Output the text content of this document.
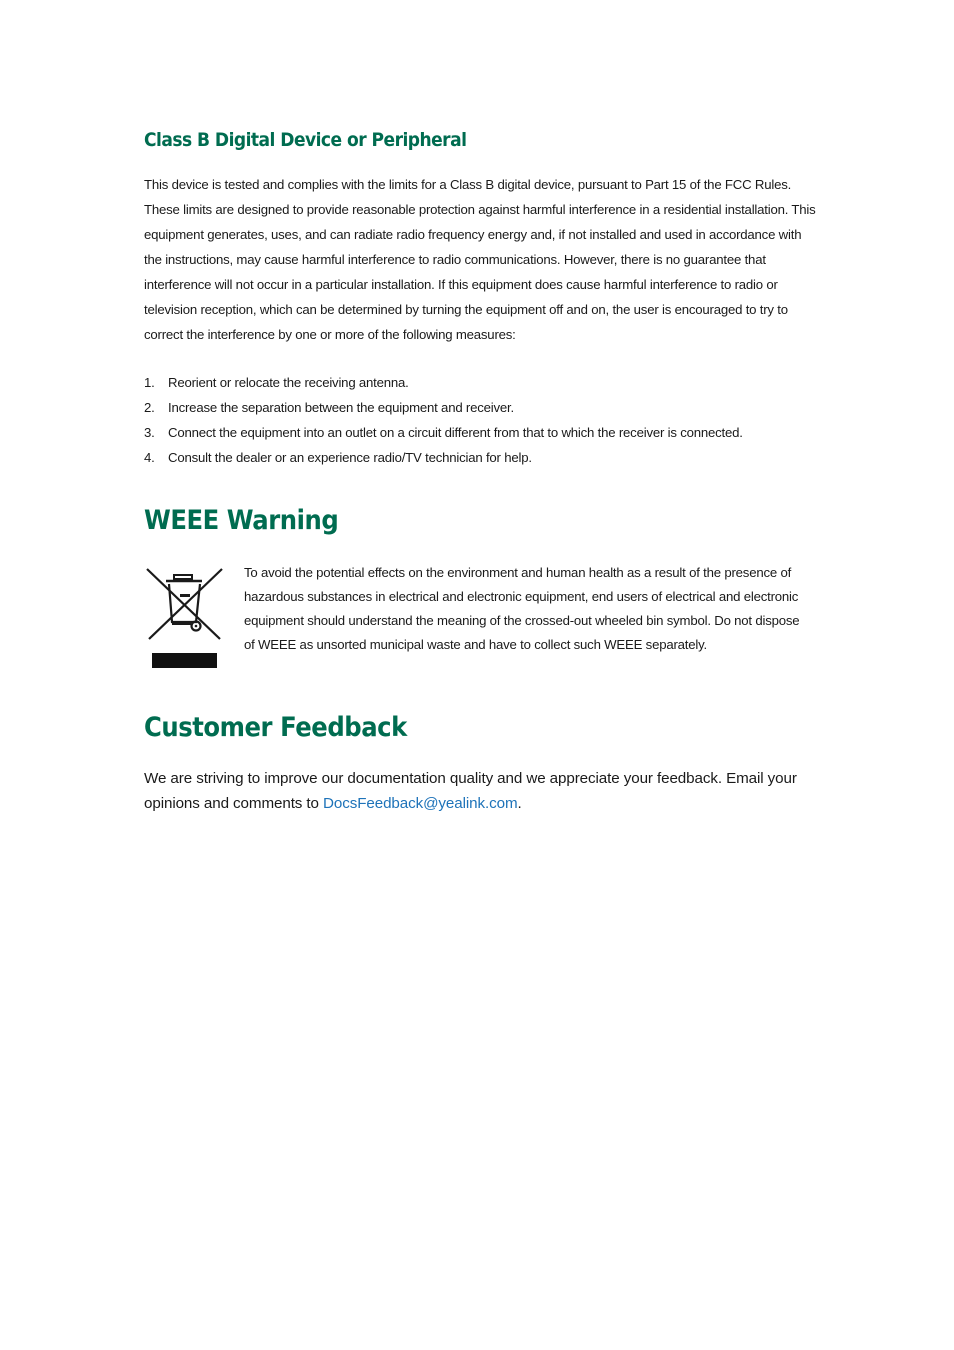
Class B Digital Device or Peripheral

This device is tested and complies with the limits for a Class B digital device, pursuant to Part 15 of the FCC Rules. These limits are designed to provide reasonable protection against harmful interference in a residential installation. This equipment generates, uses, and can radiate radio frequency energy and, if not installed and used in accordance with the instructions, may cause harmful interference to radio communications. However, there is no guarantee that interference will not occur in a particular installation. If this equipment does cause harmful interference to radio or television reception, which can be determined by turning the equipment off and on, the user is encouraged to try to correct the interference by one or more of the following measures:

1.	Reorient or relocate the receiving antenna.
2.	Increase the separation between the equipment and receiver.
3.	Connect the equipment into an outlet on a circuit different from that to which the receiver is connected.
4.	Consult the dealer or an experience radio/TV technician for help.
WEEE Warning

To avoid the potential effects on the environment and human health as a result of the presence of hazardous substances in electrical and electronic equipment, end users of electrical and electronic equipment should understand the meaning of the crossed-out wheeled bin symbol. Do not dispose of WEEE as unsorted municipal waste and have to collect such WEEE separately.

Customer Feedback

We are striving to improve our documentation quality and we appreciate your feedback. Email your opinions and comments to DocsFeedback@yealink.com.
